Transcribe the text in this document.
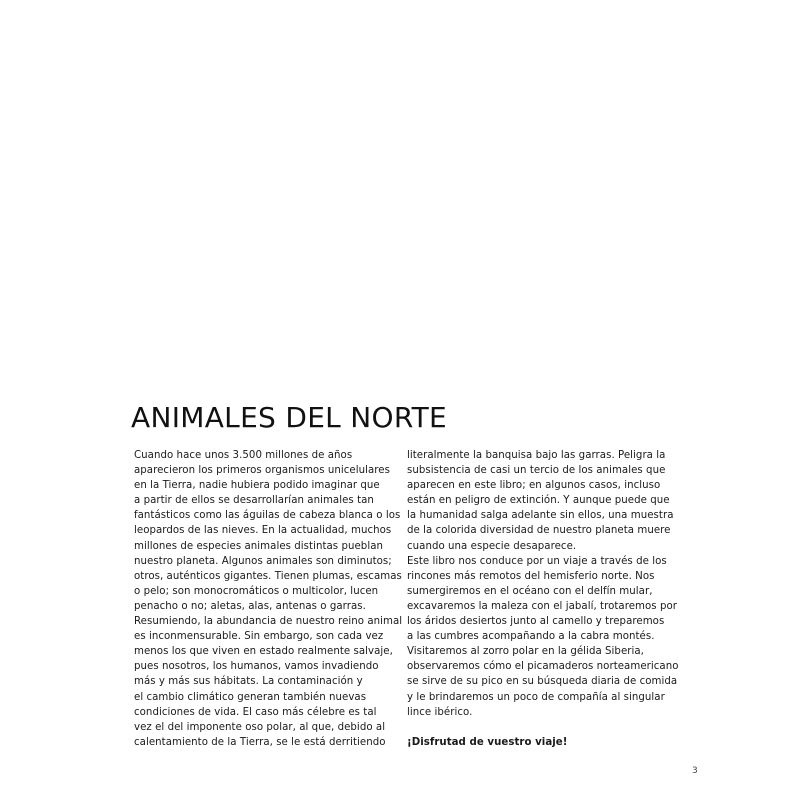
ANIMALES DEL NORTE
Cuando hace unos 3.500 millones de años
aparecieron los primeros organismos unicelulares
en la Tierra, nadie hubiera podido imaginar que
a partir de ellos se desarrollarían animales tan
fantásticos como las águilas de cabeza blanca o los
leopardos de las nieves. En la actualidad, muchos
millones de especies animales distintas pueblan
nuestro planeta. Algunos animales son diminutos;
otros, auténticos gigantes. Tienen plumas, escamas
o pelo; son monocromáticos o multicolor, lucen
penacho o no; aletas, alas, antenas o garras.
Resumiendo, la abundancia de nuestro reino animal
es inconmensurable. Sin embargo, son cada vez
menos los que viven en estado realmente salvaje,
pues nosotros, los humanos, vamos invadiendo
más y más sus hábitats. La contaminación y
el cambio climático generan también nuevas
condiciones de vida. El caso más célebre es tal
vez el del imponente oso polar, al que, debido al
calentamiento de la Tierra, se le está derritiendo
literalmente la banquisa bajo las garras. Peligra la
subsistencia de casi un tercio de los animales que
aparecen en este libro; en algunos casos, incluso
están en peligro de extinción. Y aunque puede que
la humanidad salga adelante sin ellos, una muestra
de la colorida diversidad de nuestro planeta muere
cuando una especie desaparece.
Este libro nos conduce por un viaje a través de los
rincones más remotos del hemisferio norte. Nos
sumergiremos en el océano con el delfín mular,
excavaremos la maleza con el jabalí, trotaremos por
los áridos desiertos junto al camello y treparemos
a las cumbres acompañando a la cabra montés.
Visitaremos al zorro polar en la gélida Siberia,
observaremos cómo el picamaderos norteamericano
se sirve de su pico en su búsqueda diaria de comida
y le brindaremos un poco de compañía al singular
lince ibérico.
¡Disfrutad de vuestro viaje!
3
